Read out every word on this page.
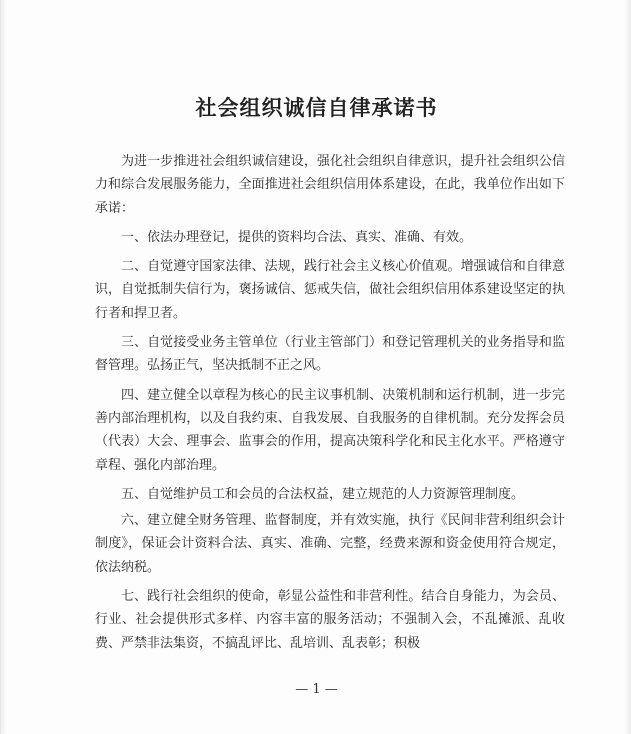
社会组织诚信自律承诺书

为进一步推进社会组织诚信建设，强化社会组织自律意识，提升社会组织公信力和综合发展服务能力，全面推进社会组织信用体系建设，在此，我单位作出如下承诺：

一、依法办理登记，提供的资料均合法、真实、准确、有效。

二、自觉遵守国家法律、法规，践行社会主义核心价值观。增强诚信和自律意识，自觉抵制失信行为，褒扬诚信、惩戒失信，做社会组织信用体系建设坚定的执行者和捍卫者。

三、自觉接受业务主管单位（行业主管部门）和登记管理机关的业务指导和监督管理。弘扬正气，坚决抵制不正之风。

四、建立健全以章程为核心的民主议事机制、决策机制和运行机制，进一步完善内部治理机构，以及自我约束、自我发展、自我服务的自律机制。充分发挥会员（代表）大会、理事会、监事会的作用，提高决策科学化和民主化水平。严格遵守章程、强化内部治理。

五、自觉维护员工和会员的合法权益，建立规范的人力资源管理制度。

六、建立健全财务管理、监督制度，并有效实施，执行《民间非营利组织会计制度》，保证会计资料合法、真实、准确、完整，经费来源和资金使用符合规定，依法纳税。

七、践行社会组织的使命，彰显公益性和非营利性。结合自身能力，为会员、行业、社会提供形式多样、内容丰富的服务活动；不强制入会，不乱摊派、乱收费、严禁非法集资，不搞乱评比、乱培训、乱表彰；积极

— 1 —
